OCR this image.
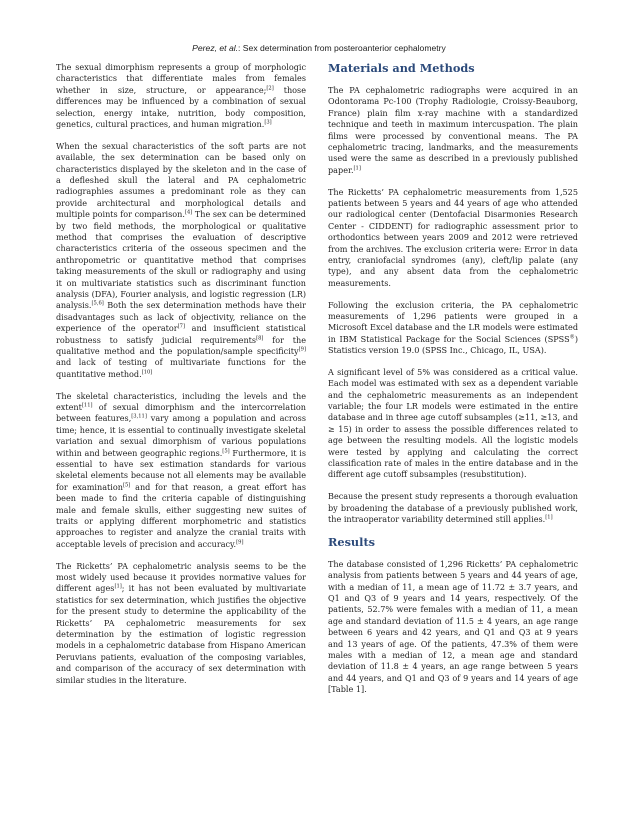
Perez, et al.: Sex determination from posteroanterior cephalometry

The sexual dimorphism represents a group of morphologic characteristics that differentiate males from females whether in size, structure, or appearance;[2] those differences may be influenced by a combination of sexual selection, energy intake, nutrition, body composition, genetics, cultural practices, and human migration.[3]

When the sexual characteristics of the soft parts are not available, the sex determination can be based only on characteristics displayed by the skeleton and in the case of a defleshed skull the lateral and PA cephalometric radiographies assumes a predominant role as they can provide architectural and morphological details and multiple points for comparison.[4] The sex can be determined by two field methods, the morphological or qualitative method that comprises the evaluation of descriptive characteristics criteria of the osseous specimen and the anthropometric or quantitative method that comprises taking measurements of the skull or radiography and using it on multivariate statistics such as discriminant function analysis (DFA), Fourier analysis, and logistic regression (LR) analysis.[5,6] Both the sex determination methods have their disadvantages such as lack of objectivity, reliance on the experience of the operator[7] and insufficient statistical robustness to satisfy judicial requirements[8] for the qualitative method and the population/sample specificity[9] and lack of testing of multivariate functions for the quantitative method.[10]

The skeletal characteristics, including the levels and the extent[11] of sexual dimorphism and the intercorrelation between features,[3,11] vary among a population and across time; hence, it is essential to continually investigate skeletal variation and sexual dimorphism of various populations within and between geographic regions.[5] Furthermore, it is essential to have sex estimation standards for various skeletal elements because not all elements may be available for examination[5] and for that reason, a great effort has been made to find the criteria capable of distinguishing male and female skulls, either suggesting new suites of traits or applying different morphometric and statistics approaches to register and analyze the cranial traits with acceptable levels of precision and accuracy.[9]

The Ricketts’ PA cephalometric analysis seems to be the most widely used because it provides normative values for different ages[1]; it has not been evaluated by multivariate statistics for sex determination, which justifies the objective for the present study to determine the applicability of the Ricketts’ PA cephalometric measurements for sex determination by the estimation of logistic regression models in a cephalometric database from Hispano American Peruvians patients, evaluation of the composing variables, and comparison of the accuracy of sex determination with similar studies in the literature.

Materials and Methods

The PA cephalometric radiographs were acquired in an Odontorama Pc-100 (Trophy Radiologie, Croissy-Beauborg, France) plain film x-ray machine with a standardized technique and teeth in maximum intercuspation. The plain films were processed by conventional means. The PA cephalometric tracing, landmarks, and the measurements used were the same as described in a previously published paper.[1]

The Ricketts’ PA cephalometric measurements from 1,525 patients between 5 years and 44 years of age who attended our radiological center (Dentofacial Disarmonies Research Center - CIDDENT) for radiographic assessment prior to orthodontics between years 2009 and 2012 were retrieved from the archives. The exclusion criteria were: Error in data entry, craniofacial syndromes (any), cleft/lip palate (any type), and any absent data from the cephalometric measurements.

Following the exclusion criteria, the PA cephalometric measurements of 1,296 patients were grouped in a Microsoft Excel database and the LR models were estimated in IBM Statistical Package for the Social Sciences (SPSS®) Statistics version 19.0 (SPSS Inc., Chicago, IL, USA).

A significant level of 5% was considered as a critical value. Each model was estimated with sex as a dependent variable and the cephalometric measurements as an independent variable; the four LR models were estimated in the entire database and in three age cutoff subsamples (≥11, ≥13, and ≥ 15) in order to assess the possible differences related to age between the resulting models. All the logistic models were tested by applying and calculating the correct classification rate of males in the entire database and in the different age cutoff subsamples (resubstitution).

Because the present study represents a thorough evaluation by broadening the database of a previously published work, the intraoperator variability determined still applies.[1]

Results

The database consisted of 1,296 Ricketts’ PA cephalometric analysis from patients between 5 years and 44 years of age, with a median of 11, a mean age of 11.72 ± 3.7 years, and Q1 and Q3 of 9 years and 14 years, respectively. Of the patients, 52.7% were females with a median of 11, a mean age and standard deviation of 11.5 ± 4 years, an age range between 6 years and 42 years, and Q1 and Q3 at 9 years and 13 years of age. Of the patients, 47.3% of them were males with a median of 12, a mean age and standard deviation of 11.8 ± 4 years, an age range between 5 years and 44 years, and Q1 and Q3 of 9 years and 14 years of age [Table 1].
